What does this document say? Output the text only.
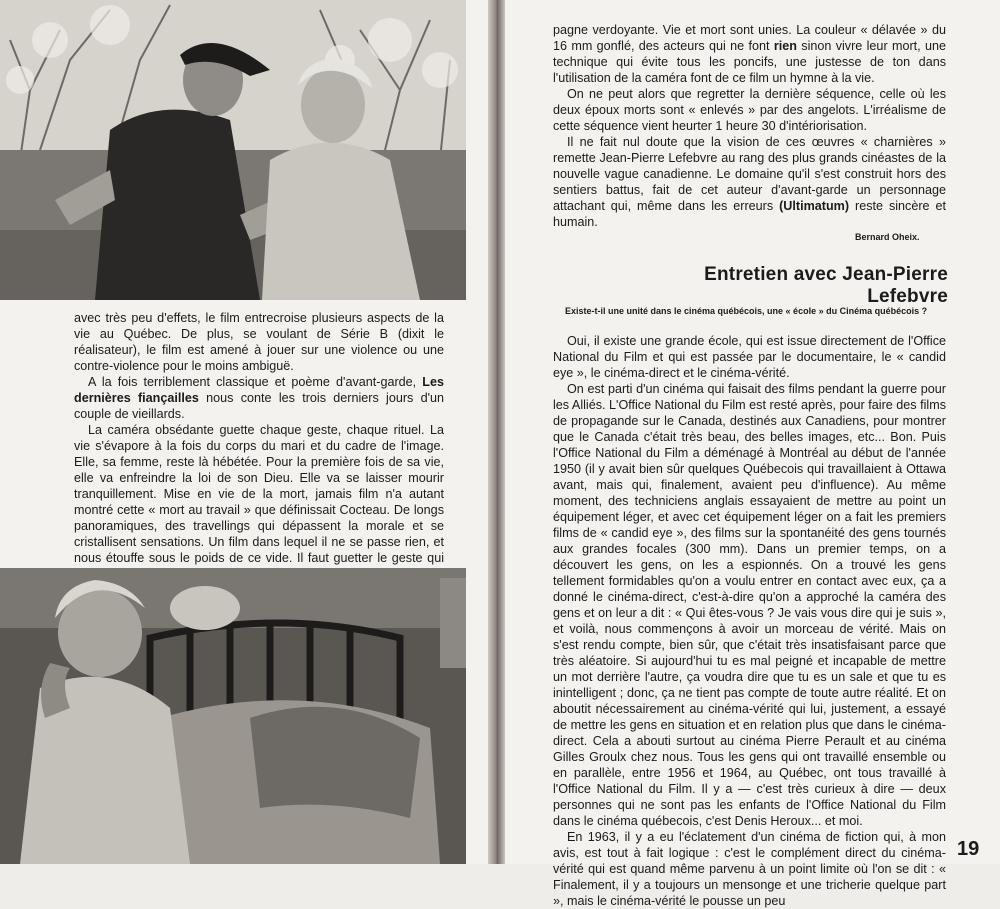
avec très peu d'effets, le film entrecroise plusieurs aspects de la vie au Québec. De plus, se voulant de Série B (dixit le réalisateur), le film est amené à jouer sur une violence ou une contre-violence pour le moins ambiguë.

A la fois terriblement classique et poème d'avant-garde, Les dernières fiançailles nous conte les trois derniers jours d'un couple de vieillards.

La caméra obsédante guette chaque geste, chaque rituel. La vie s'évapore à la fois du corps du mari et du cadre de l'image. Elle, sa femme, reste là hébétée. Pour la première fois de sa vie, elle va enfreindre la loi de son Dieu. Elle va se laisser mourir tranquillement. Mise en vie de la mort, jamais film n'a autant montré cette « mort au travail » que définissait Cocteau. De longs panoramiques, des travellings qui dépassent la morale et se cristallisent sensations. Un film dans lequel il ne se passe rien, et nous étouffe sous le poids de ce vide. Il faut guetter le geste qui

pagne verdoyante. Vie et mort sont unies. La couleur « délavée » du 16 mm gonflé, des acteurs qui ne font rien sinon vivre leur mort, une technique qui évite tous les poncifs, une justesse de ton dans l'utilisation de la caméra font de ce film un hymne à la vie.

On ne peut alors que regretter la dernière séquence, celle où les deux époux morts sont « enlevés » par des angelots. L'irréalisme de cette séquence vient heurter 1 heure 30 d'intériorisation.

Il ne fait nul doute que la vision de ces œuvres « charnières » remette Jean-Pierre Lefebvre au rang des plus grands cinéastes de la nouvelle vague canadienne. Le domaine qu'il s'est construit hors des sentiers battus, fait de cet auteur d'avant-garde un personnage attachant qui, même dans les erreurs (Ultimatum) reste sincère et humain.

Bernard Oheix.
Entretien avec Jean-Pierre Lefebvre
Existe-t-il une unité dans le cinéma québécois, une « école » du Cinéma québécois ?

Oui, il existe une grande école, qui est issue directement de l'Office National du Film et qui est passée par le documentaire, le « candid eye », le cinéma-direct et le cinéma-vérité.

On est parti d'un cinéma qui faisait des films pendant la guerre pour les Alliés. L'Office National du Film est resté après, pour faire des films de propagande sur le Canada, destinés aux Canadiens, pour montrer que le Canada c'était très beau, des belles images, etc... Bon. Puis l'Office National du Film a déménagé à Montréal au début de l'année 1950 (il y avait bien sûr quelques Québecois qui travaillaient à Ottawa avant, mais qui, finalement, avaient peu d'influence). Au même moment, des techniciens anglais essayaient de mettre au point un équipement léger, et avec cet équipement léger on a fait les premiers films de « candid eye », des films sur la spontanéité des gens tournés aux grandes focales (300 mm). Dans un premier temps, on a découvert les gens, on les a espionnés. On a trouvé les gens tellement formidables qu'on a voulu entrer en contact avec eux, ça a donné le cinéma-direct, c'est-à-dire qu'on a approché la caméra des gens et on leur a dit : « Qui êtes-vous ? Je vais vous dire qui je suis », et voilà, nous commençons à avoir un morceau de vérité. Mais on s'est rendu compte, bien sûr, que c'était très insatisfaisant parce que très aléatoire. Si aujourd'hui tu es mal peigné et incapable de mettre un mot derrière l'autre, ça voudra dire que tu es un sale et que tu es inintelligent ; donc, ça ne tient pas compte de toute autre réalité. Et on aboutit nécessairement au cinéma-vérité qui lui, justement, a essayé de mettre les gens en situation et en relation plus que dans le cinéma-direct. Cela a abouti surtout au cinéma Pierre Perault et au cinéma Gilles Groulx chez nous. Tous les gens qui ont travaillé ensemble ou en parallèle, entre 1956 et 1964, au Québec, ont tous travaillé à l'Office National du Film. Il y a — c'est très curieux à dire — deux personnes qui ne sont pas les enfants de l'Office National du Film dans le cinéma québecois, c'est Denis Heroux... et moi.

En 1963, il y a eu l'éclatement d'un cinéma de fiction qui, à mon avis, est tout à fait logique : c'est le complément direct du cinéma-vérité qui est quand même parvenu à un point limite où l'on se dit : « Finalement, il y a toujours un mensonge et une tricherie quelque part », mais le cinéma-vérité le pousse un peu

19
